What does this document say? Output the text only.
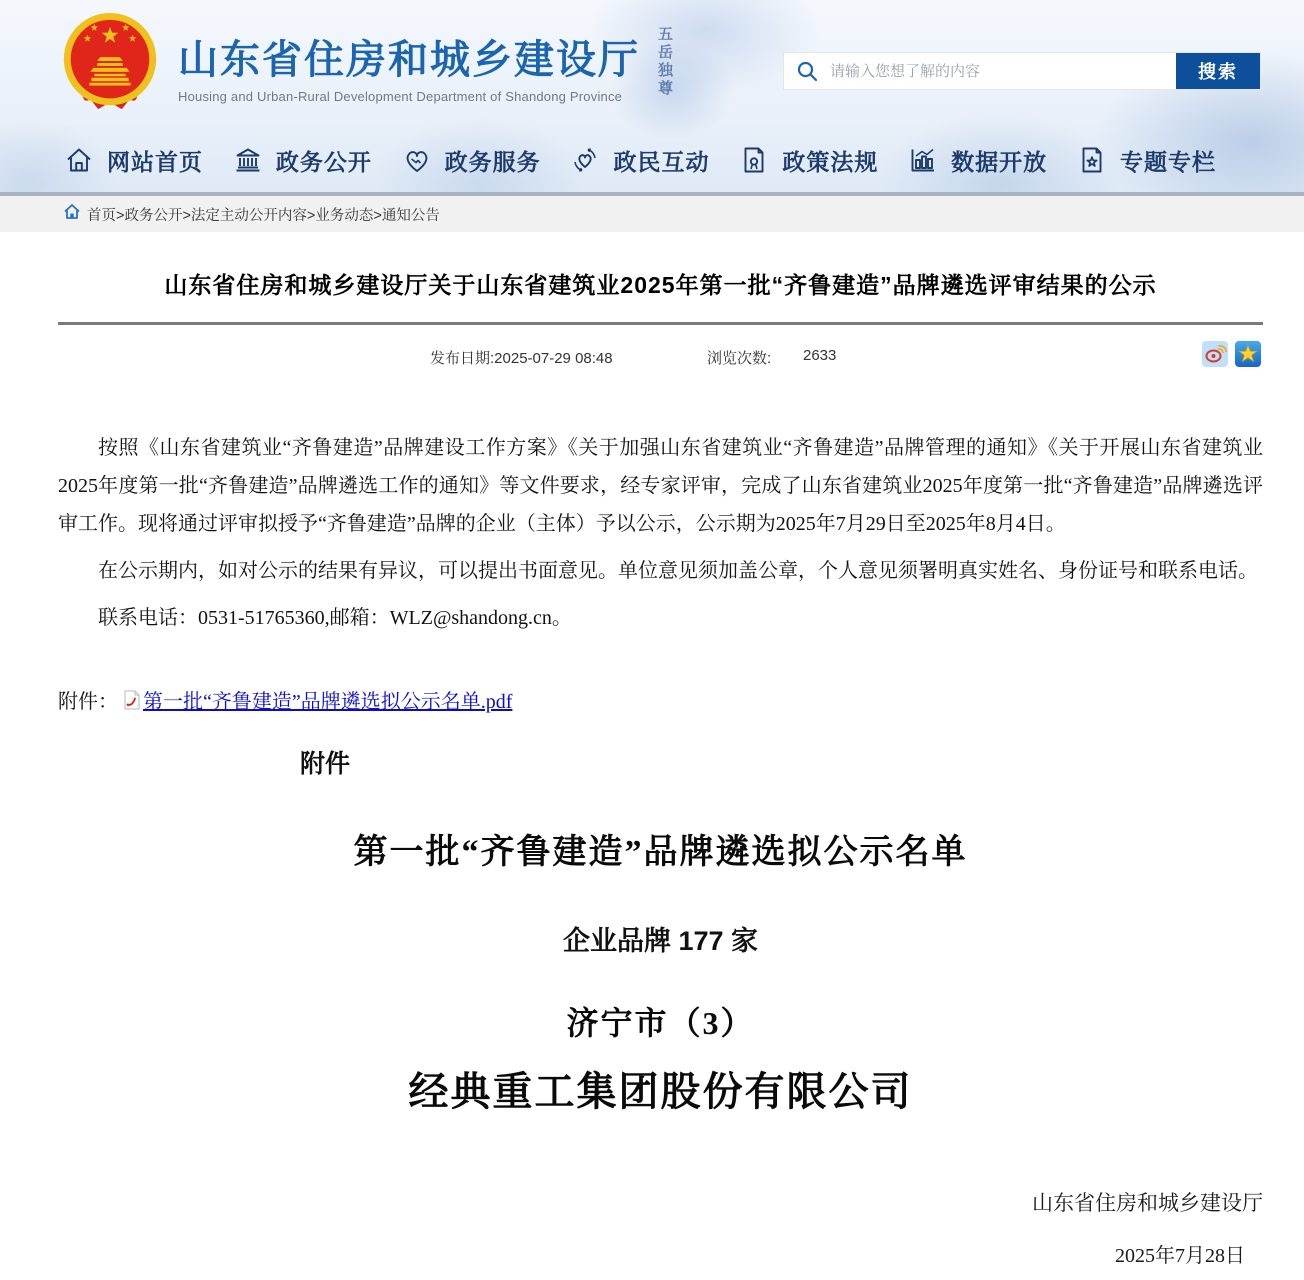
山东省住房和城乡建设厅
Housing and Urban-Rural Development Department of Shandong Province	五岳独尊
请输入您想了解的内容	搜索
网站首页	政务公开	政务服务	政民互动	政策法规	数据开放	专题专栏
首页>政务公开>法定主动公开内容>业务动态>通知公告
山东省住房和城乡建设厅关于山东省建筑业2025年第一批“齐鲁建造”品牌遴选评审结果的公示
发布日期:2025-07-29 08:48	浏览次数: 2633

按照《山东省建筑业“齐鲁建造”品牌建设工作方案》《关于加强山东省建筑业“齐鲁建造”品牌管理的通知》《关于开展山东省建筑业2025年度第一批“齐鲁建造”品牌遴选工作的通知》等文件要求，经专家评审，完成了山东省建筑业2025年度第一批“齐鲁建造”品牌遴选评审工作。现将通过评审拟授予“齐鲁建造”品牌的企业（主体）予以公示，公示期为2025年7月29日至2025年8月4日。

在公示期内，如对公示的结果有异议，可以提出书面意见。单位意见须加盖公章，个人意见须署明真实姓名、身份证号和联系电话。

联系电话：0531-51765360,邮箱：WLZ@shandong.cn。

附件： 第一批“齐鲁建造”品牌遴选拟公示名单.pdf
附件
第一批“齐鲁建造”品牌遴选拟公示名单
企业品牌 177 家
济宁市（3）
经典重工集团股份有限公司
山东省住房和城乡建设厅
2025年7月28日
